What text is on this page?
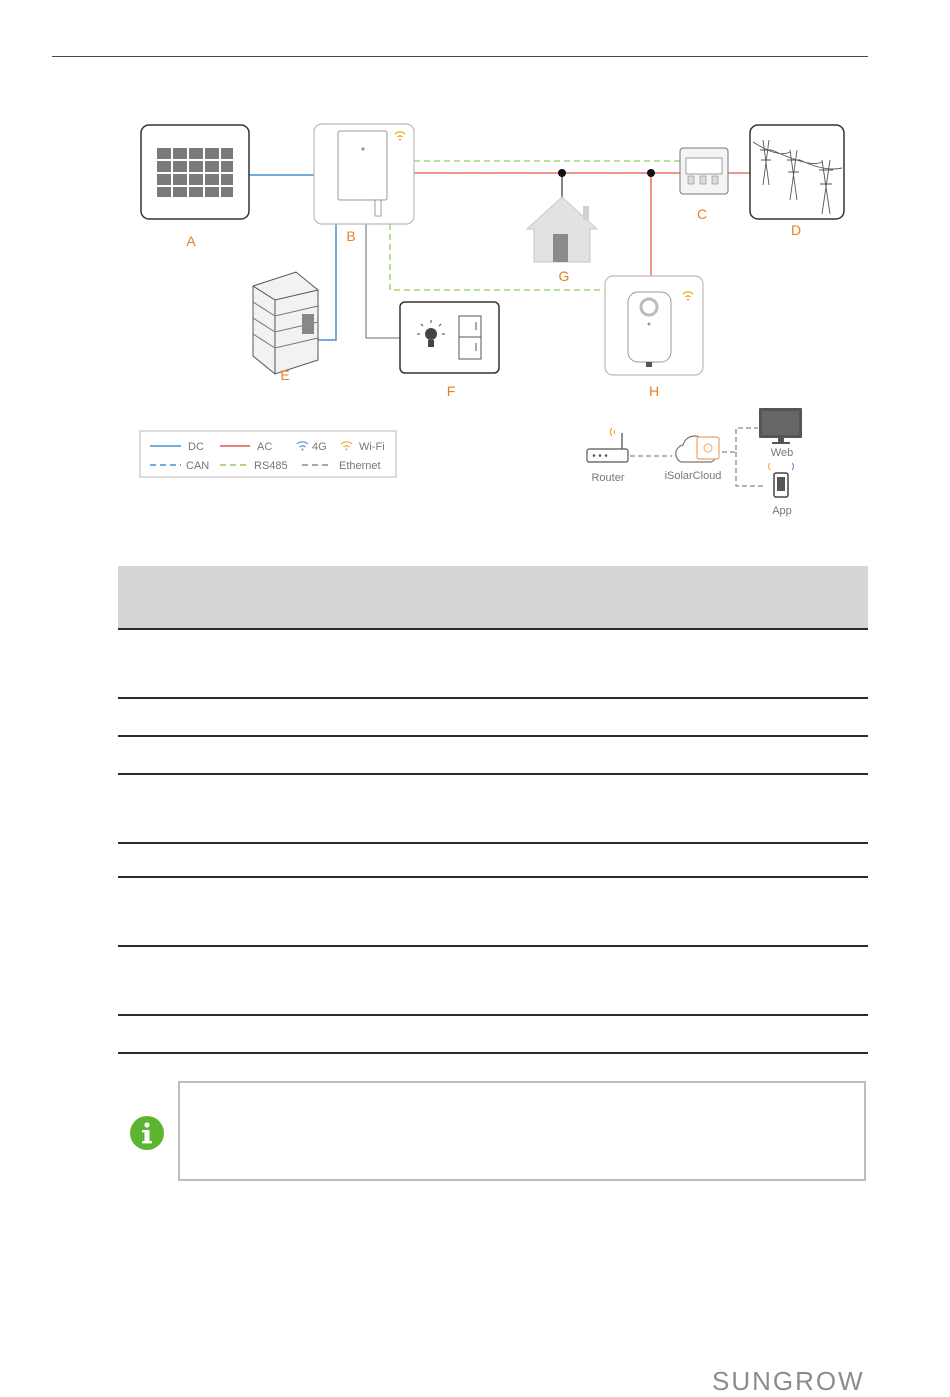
A	B
C
D
G
E
F	H
DC	AC	4G	Wi-Fi
CAN	RS485	Ethernet
Router	iSolarCloud
Web
App
SUNGROW
